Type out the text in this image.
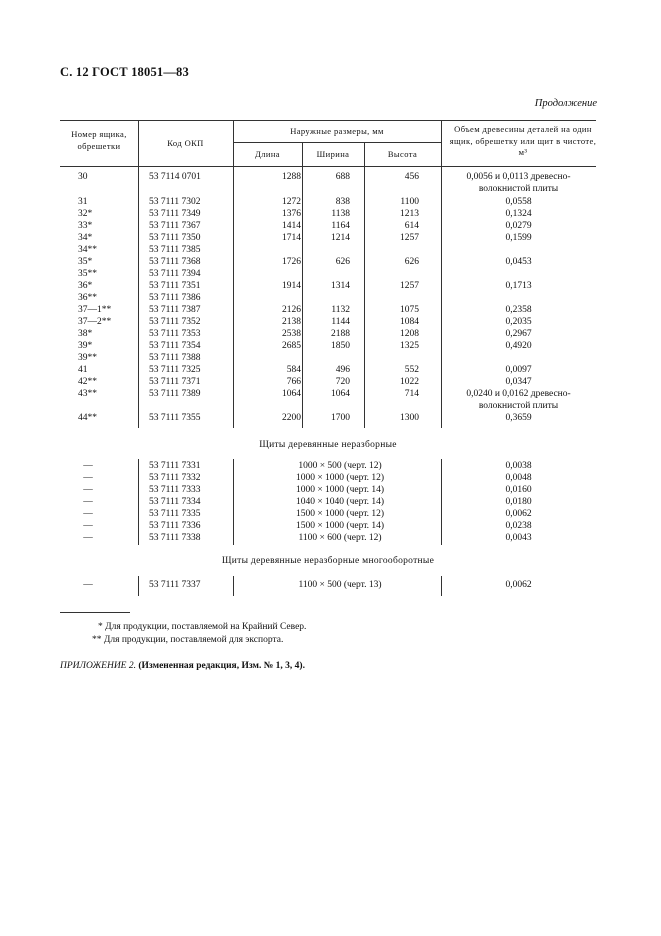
С. 12 ГОСТ 18051—83
Продолжение
Номер ящика, обрешетки	Код ОКП
Наружные размеры, мм
Длина	Ширина	Высота
Объем древесины деталей на один ящик, обрешетку или щит в чистоте, м³
30	53 7114 0701	1288	688	456	0,0056 и 0,0113 древесно-волокнистой плиты
31	53 7111 7302	1272	838	1100	0,0558
32*	53 7111 7349	1376	1138	1213	0,1324
33*	53 7111 7367	1414	1164	614	0,0279
34*	53 7111 7350	1714	1214	1257	0,1599
34**	53 7111 7385
35*	53 7111 7368	1726	626	626	0,0453
35**	53 7111 7394
36*	53 7111 7351	1914	1314	1257	0,1713
36**	53 7111 7386
37—1**	53 7111 7387	2126	1132	1075	0,2358
37—2**	53 7111 7352	2138	1144	1084	0,2035
38*	53 7111 7353	2538	2188	1208	0,2967
39*	53 7111 7354	2685	1850	1325	0,4920
39**	53 7111 7388
41	53 7111 7325	584	496	552	0,0097
42**	53 7111 7371	766	720	1022	0,0347
43**	53 7111 7389	1064	1064	714	0,0240 и 0,0162 древесно-волокнистой плиты
44**	53 7111 7355	2200	1700	1300	0,3659
Щиты деревянные неразборные
—	53 7111 7331	1000 × 500 (черт. 12)	0,0038
—	53 7111 7332	1000 × 1000 (черт. 12)	0,0048
—	53 7111 7333	1000 × 1000 (черт. 14)	0,0160
—	53 7111 7334	1040 × 1040 (черт. 14)	0,0180
—	53 7111 7335	1500 × 1000 (черт. 12)	0,0062
—	53 7111 7336	1500 × 1000 (черт. 14)	0,0238
—	53 7111 7338	1100 × 600 (черт. 12)	0,0043
Щиты деревянные неразборные многооборотные
—	53 7111 7337	1100 × 500 (черт. 13)	0,0062
* Для продукции, поставляемой на Крайний Север.
** Для продукции, поставляемой для экспорта.
ПРИЛОЖЕНИЕ 2. (Измененная редакция, Изм. № 1, 3, 4).
